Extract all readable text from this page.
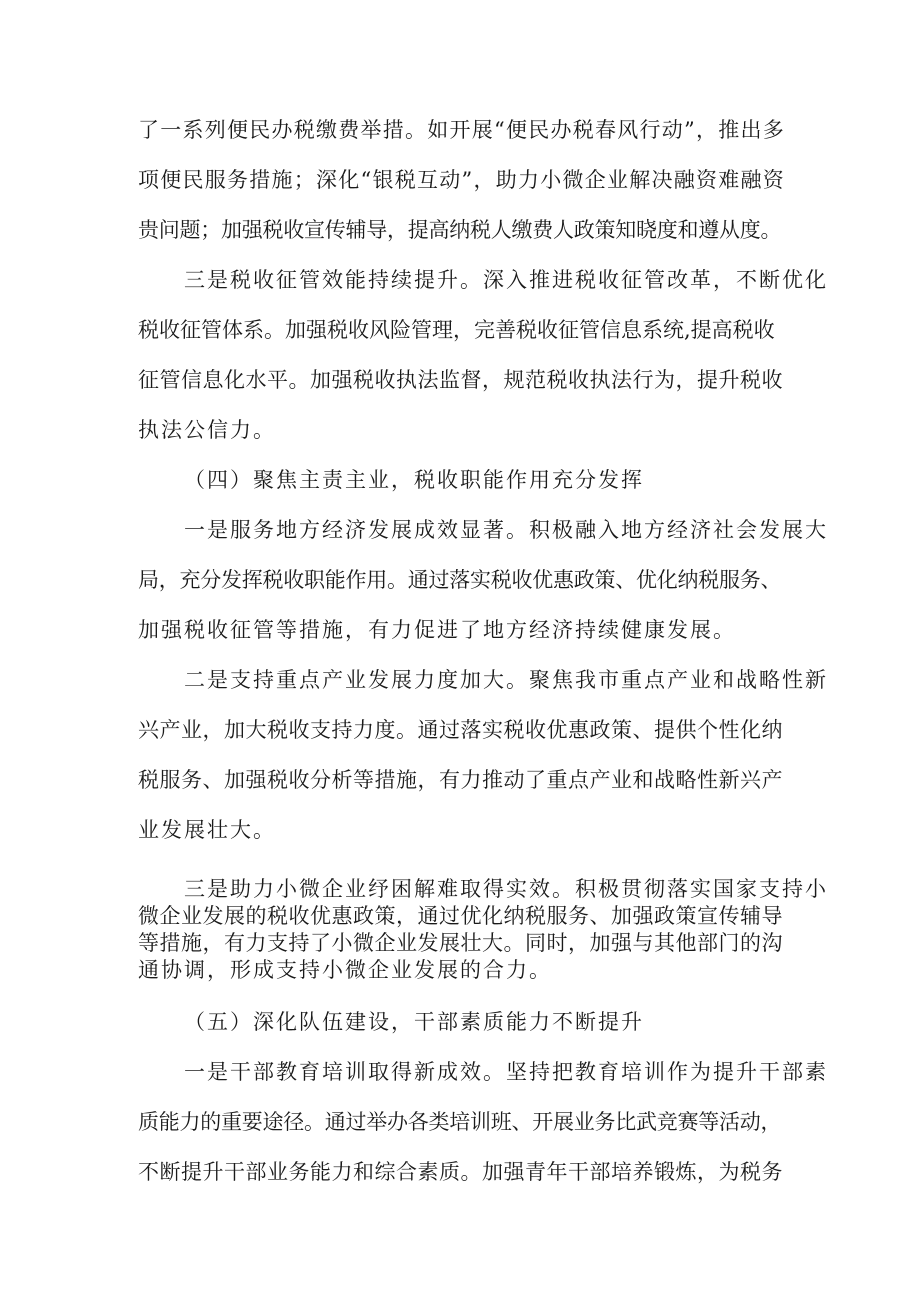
了一系列便民办税缴费举措。如开展“便民办税春风行动”，推出多
项便民服务措施；深化“银税互动”，助力小微企业解决融资难融资
贵问题；加强税收宣传辅导，提高纳税人缴费人政策知晓度和遵从度。
三是税收征管效能持续提升。深入推进税收征管改革，不断优化
税收征管体系。加强税收风险管理，完善税收征管信息系统,提高税收
征管信息化水平。加强税收执法监督，规范税收执法行为，提升税收
执法公信力。
（四）聚焦主责主业，税收职能作用充分发挥
一是服务地方经济发展成效显著。积极融入地方经济社会发展大
局，充分发挥税收职能作用。通过落实税收优惠政策、优化纳税服务、
加强税收征管等措施，有力促进了地方经济持续健康发展。
二是支持重点产业发展力度加大。聚焦我市重点产业和战略性新
兴产业，加大税收支持力度。通过落实税收优惠政策、提供个性化纳
税服务、加强税收分析等措施，有力推动了重点产业和战略性新兴产
业发展壮大。
三是助力小微企业纾困解难取得实效。积极贯彻落实国家支持小
微企业发展的税收优惠政策，通过优化纳税服务、加强政策宣传辅导
等措施，有力支持了小微企业发展壮大。同时，加强与其他部门的沟
通协调，形成支持小微企业发展的合力。
（五）深化队伍建设，干部素质能力不断提升
一是干部教育培训取得新成效。坚持把教育培训作为提升干部素
质能力的重要途径。通过举办各类培训班、开展业务比武竞赛等活动，
不断提升干部业务能力和综合素质。加强青年干部培养锻炼，为税务
